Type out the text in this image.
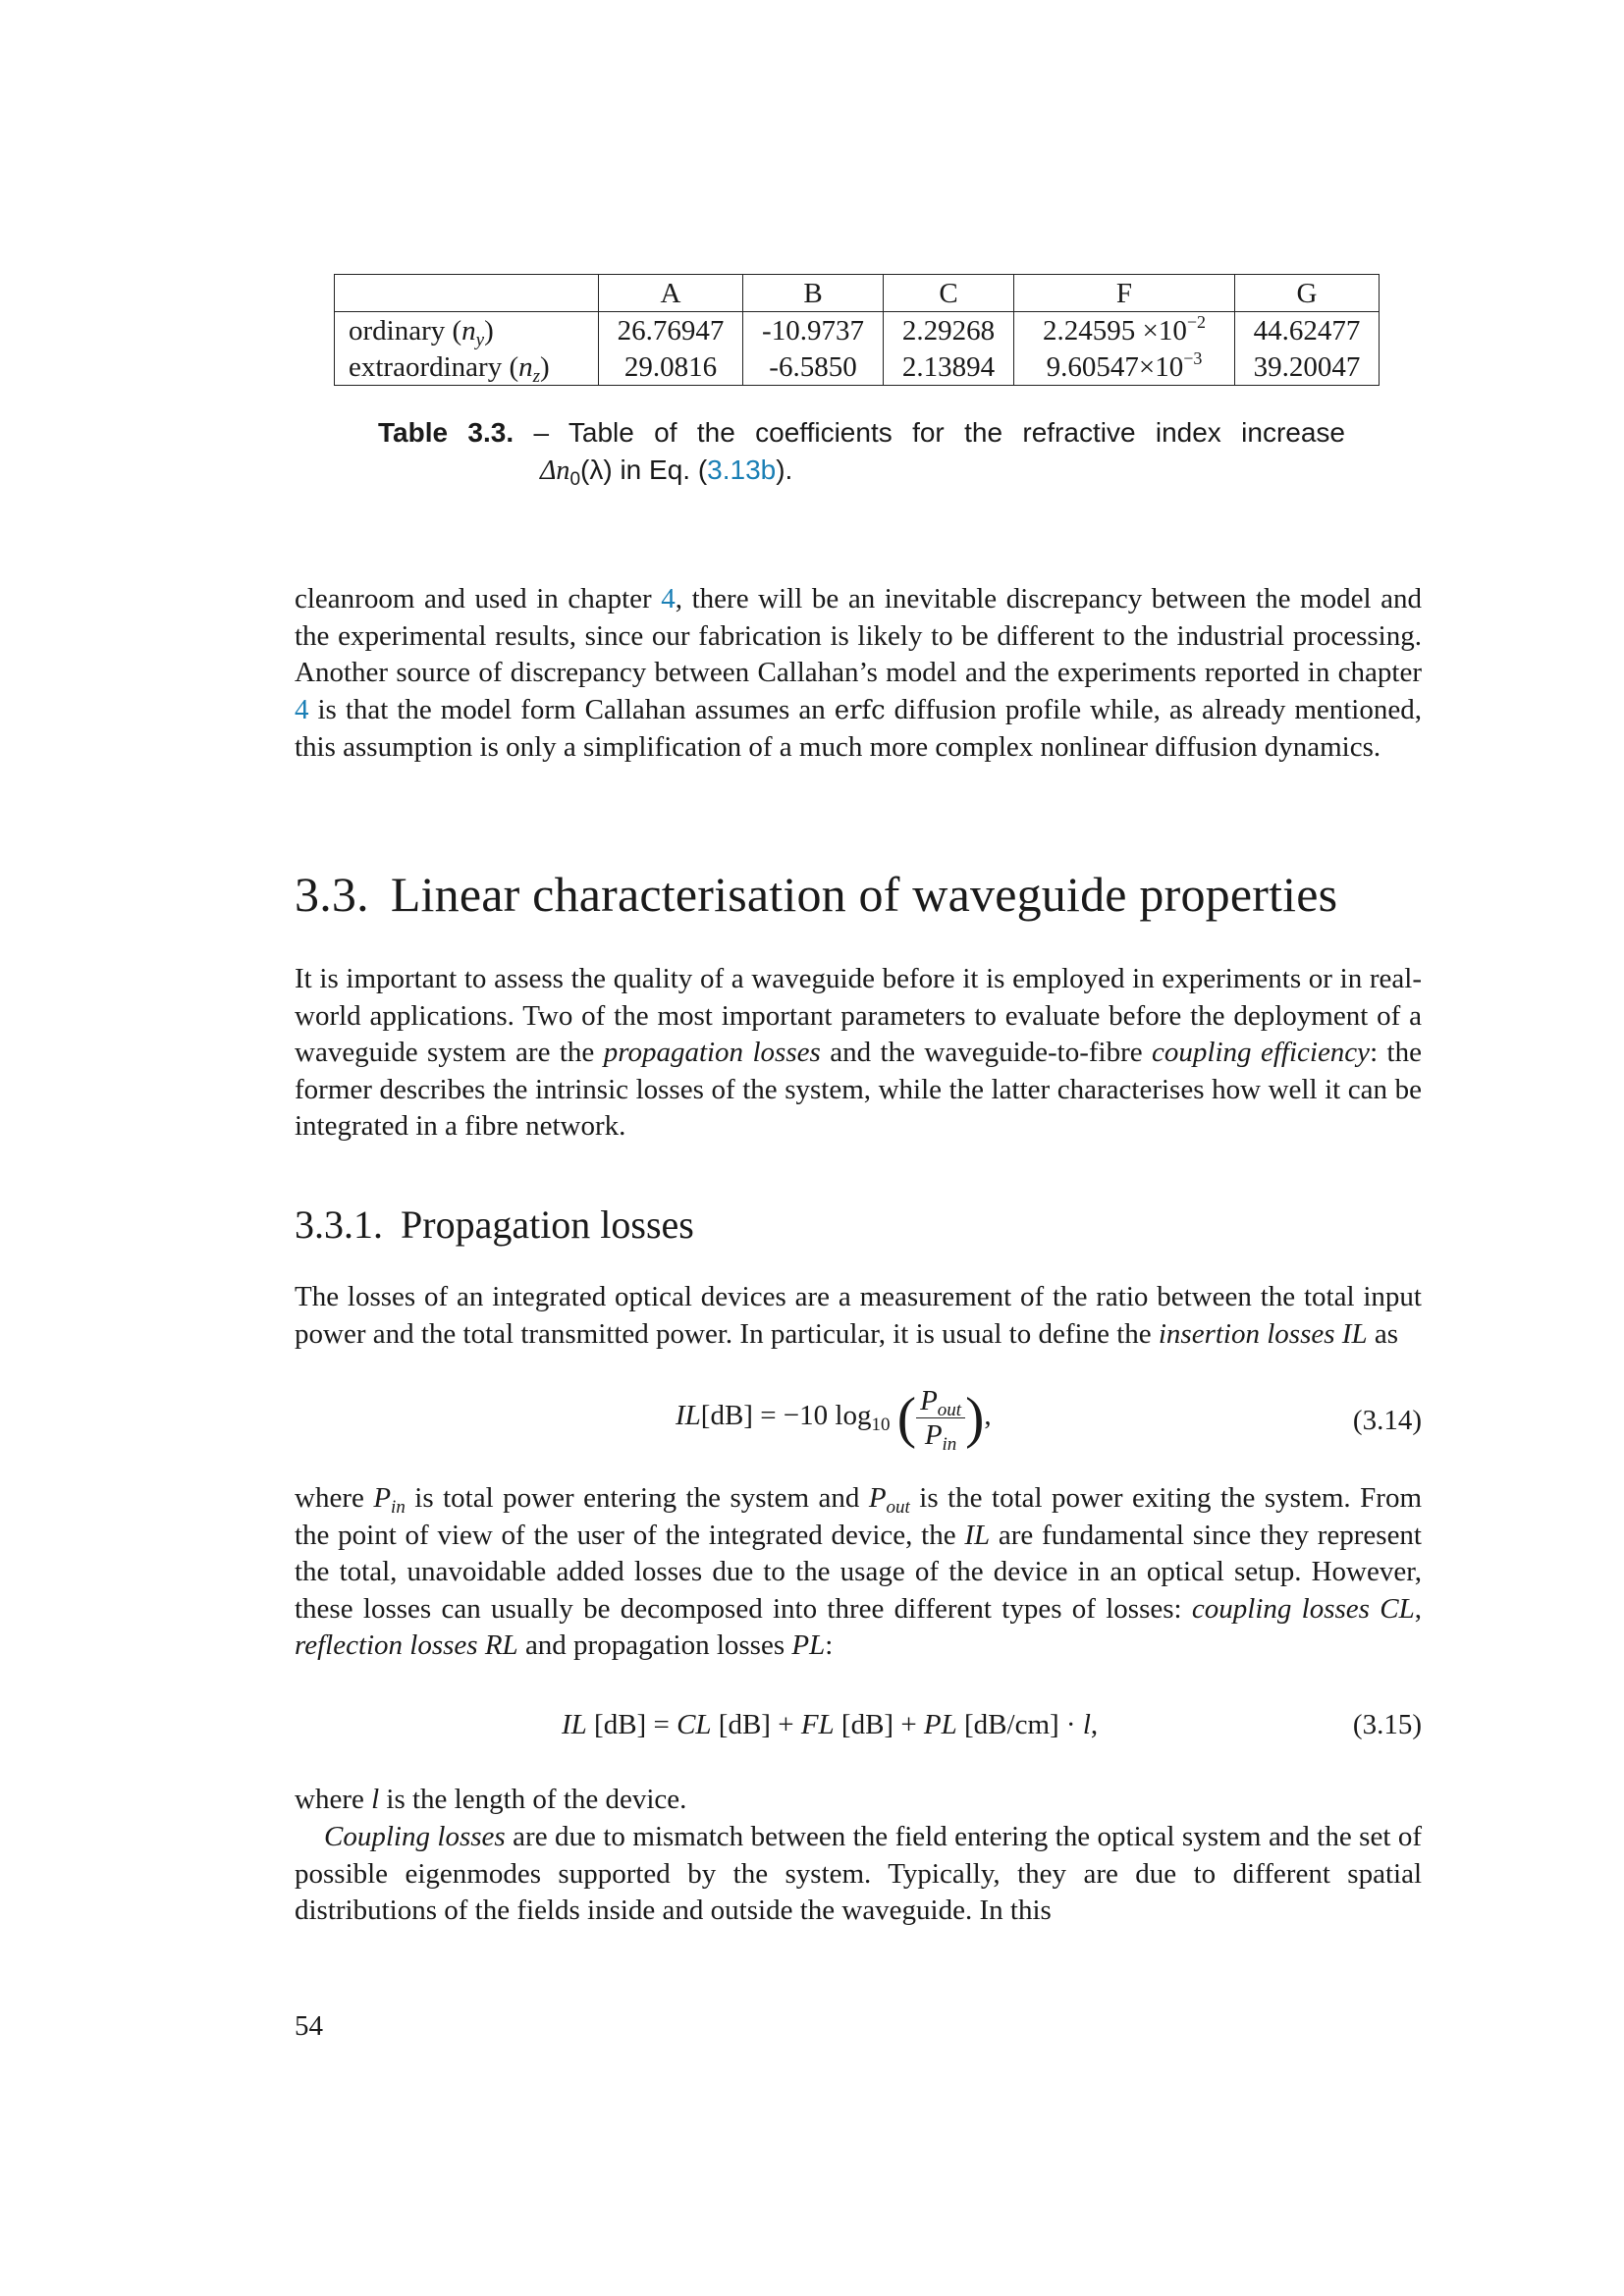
	A	B	C	F	G
ordinary $(n_y)$	26.76947	-10.9737	2.29268	$2.24595 \times 10^{-2}$	44.62477
extraordinary $(n_z)$	29.0816	-6.5850	2.13894	$9.60547\times 10^{-3}$	39.20047
Table 3.3. – Table of the coefficients for the refractive index increase
$\Delta n_0(\lambda)$ in Eq. (3.13b).

cleanroom and used in chapter 4, there will be an inevitable discrepancy between the model and the experimental results, since our fabrication is likely to be different to the industrial processing. Another source of discrepancy between Callahan’s model and the experiments reported in chapter 4 is that the model form Callahan assumes an erfc diffusion profile while, as already mentioned, this assumption is only a simplification of a much more complex nonlinear diffusion dynamics.

3.3. Linear characterisation of waveguide properties

It is important to assess the quality of a waveguide before it is employed in experiments or in real-world applications. Two of the most important parameters to evaluate before the deployment of a waveguide system are the propagation losses and the waveguide-to-fibre coupling efficiency: the former describes the intrinsic losses of the system, while the latter characterises how well it can be integrated in a fibre network.

3.3.1. Propagation losses

The losses of an integrated optical devices are a measurement of the ratio between the total input power and the total transmitted power. In particular, it is usual to define the insertion losses IL as

IL[dB] = −10 $\log_{10}$ ( $\frac{P_{out}}{P_{in}}$ ),	(3.14)

where $P_{in}$ is total power entering the system and $P_{out}$ is the total power exiting the system. From the point of view of the user of the integrated device, the IL are fundamental since they represent the total, unavoidable added losses due to the usage of the device in an optical setup. However, these losses can usually be decomposed into three different types of losses: coupling losses CL, reflection losses RL and propagation losses PL:

IL [dB] = CL [dB] + FL [dB] + PL [dB/cm] · l,	(3.15)

where l is the length of the device.

Coupling losses are due to mismatch between the field entering the optical system and the set of possible eigenmodes supported by the system. Typically, they are due to different spatial distributions of the fields inside and outside the waveguide. In this

54
